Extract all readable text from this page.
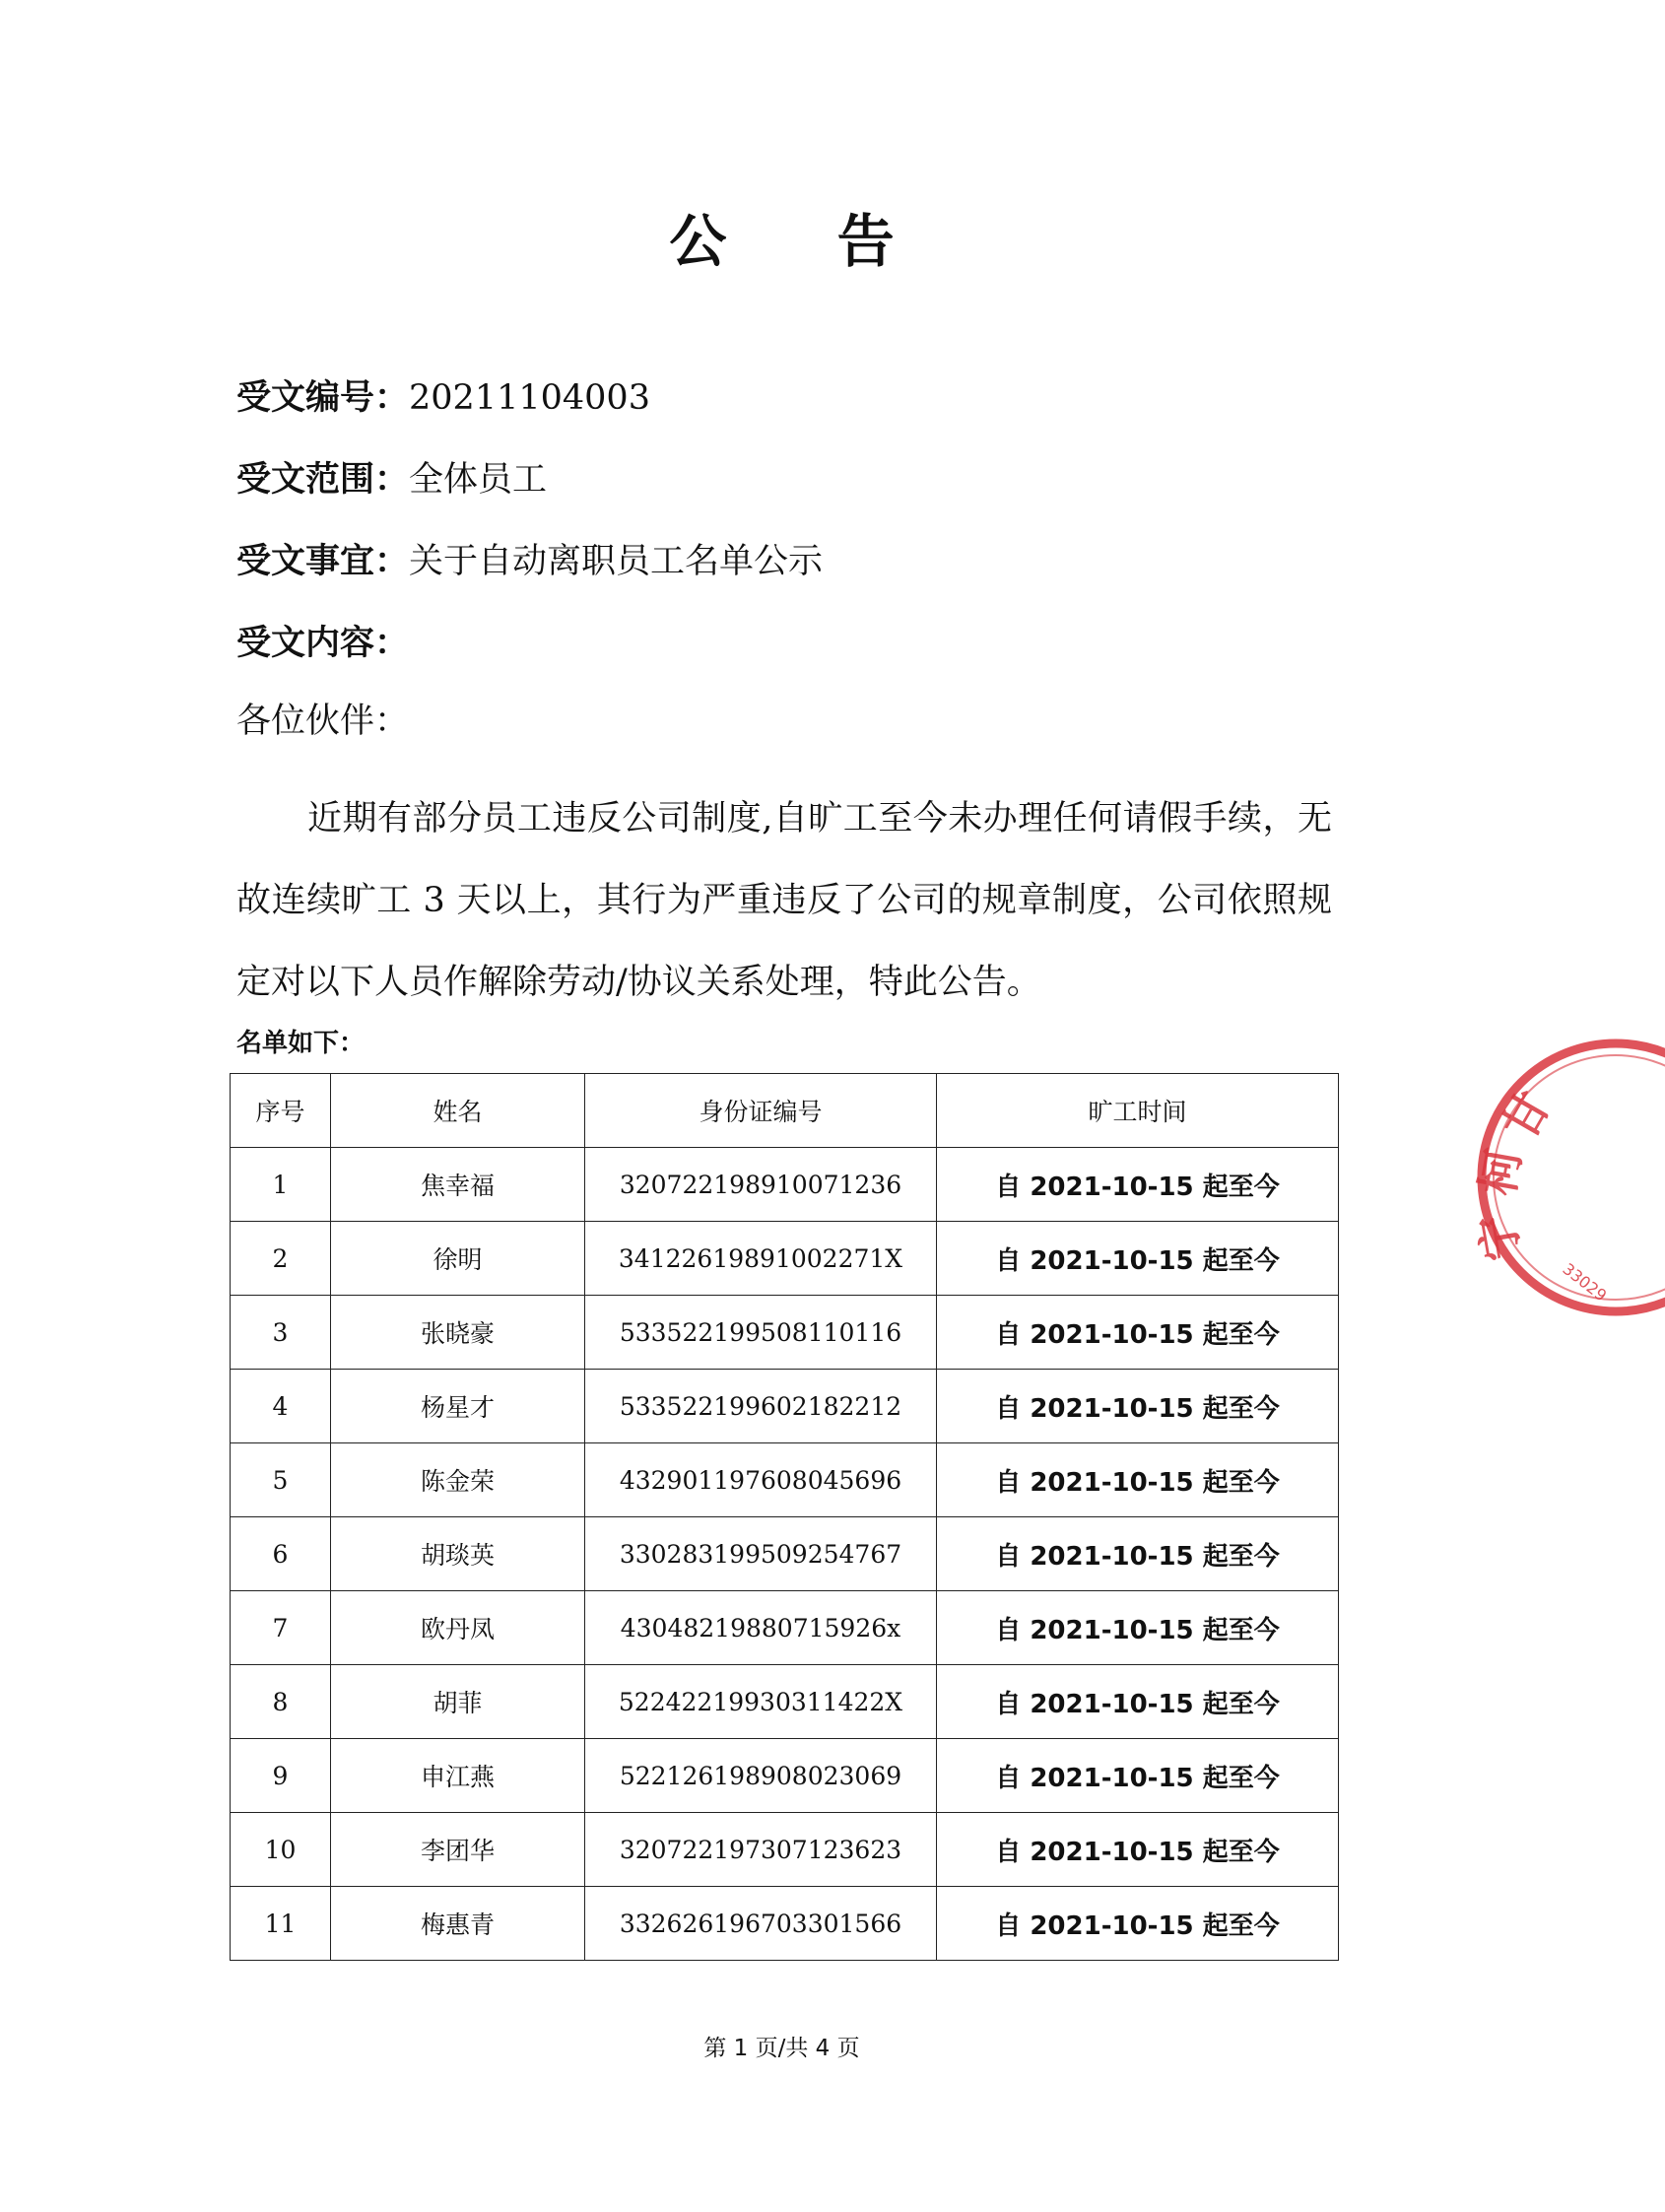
公 告
受文编号：20211104003
受文范围：全体员工
受文事宜：关于自动离职员工名单公示
受文内容：
各位伙伴：
近期有部分员工违反公司制度,自旷工至今未办理任何请假手续，无故连续旷工 3 天以上，其行为严重违反了公司的规章制度，公司依照规定对以下人员作解除劳动/协议关系处理，特此公告。
名单如下：
序号	姓名	身份证编号	旷工时间
1	焦幸福	320722198910071236	自 2021-10-15 起至今
2	徐明	34122619891002271X	自 2021-10-15 起至今
3	张晓豪	533522199508110116	自 2021-10-15 起至今
4	杨星才	533522199602182212	自 2021-10-15 起至今
5	陈金荣	432901197608045696	自 2021-10-15 起至今
6	胡琰英	330283199509254767	自 2021-10-15 起至今
7	欧丹凤	43048219880715926x	自 2021-10-15 起至今
8	胡菲	52242219930311422X	自 2021-10-15 起至今
9	申江燕	522126198908023069	自 2021-10-15 起至今
10	李团华	320722197307123623	自 2021-10-15 起至今
11	梅惠青	332626196703301566	自 2021-10-15 起至今
甘
柯
宁
33029
第 1 页/共 4 页
